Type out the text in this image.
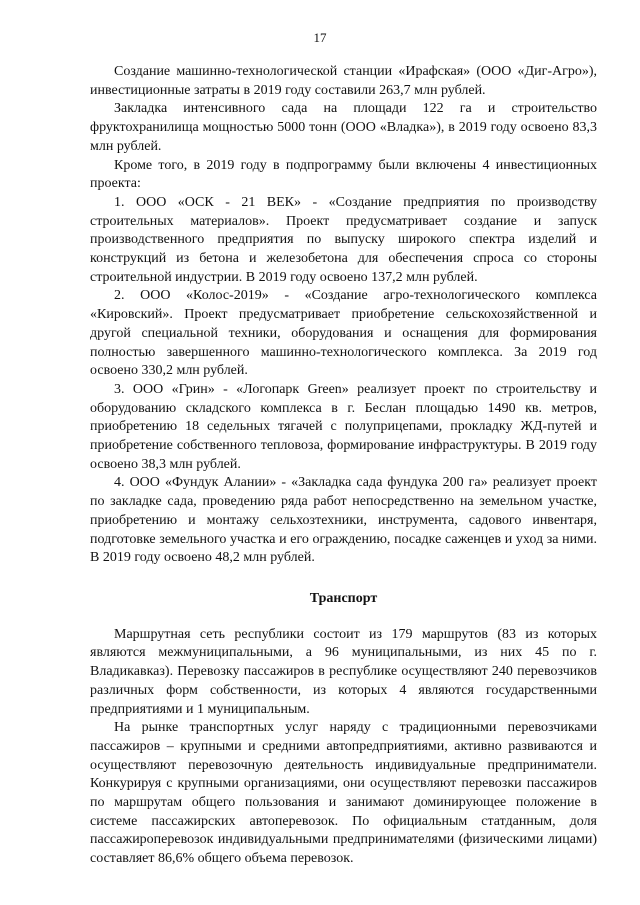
17

Создание машинно-технологической станции «Ирафская» (ООО «Диг-Агро»), инвестиционные затраты в 2019 году составили 263,7 млн рублей.

Закладка интенсивного сада на площади 122 га и строительство фруктохранилища мощностью 5000 тонн (ООО «Владка»), в 2019 году освоено 83,3 млн рублей.

Кроме того, в 2019 году в подпрограмму были включены 4 инвестиционных проекта:

1. ООО «ОСК - 21 ВЕК» - «Создание предприятия по производству строительных материалов». Проект предусматривает создание и запуск производственного предприятия по выпуску широкого спектра изделий и конструкций из бетона и железобетона для обеспечения спроса со стороны строительной индустрии. В 2019 году освоено 137,2 млн рублей.

2. ООО «Колос-2019» - «Создание агро-технологического комплекса «Кировский». Проект предусматривает приобретение сельскохозяйственной и другой специальной техники, оборудования и оснащения для формирования полностью завершенного машинно-технологического комплекса. За 2019 год освоено 330,2 млн рублей.

3. ООО «Грин» - «Логопарк Green» реализует проект по строительству и оборудованию складского комплекса в г. Беслан площадью 1490 кв. метров, приобретению 18 седельных тягачей с полуприцепами, прокладку ЖД-путей и приобретение собственного тепловоза, формирование инфраструктуры. В 2019 году освоено 38,3 млн рублей.

4. ООО «Фундук Алании» - «Закладка сада фундука 200 га» реализует проект по закладке сада, проведению ряда работ непосредственно на земельном участке, приобретению и монтажу сельхозтехники, инструмента, садового инвентаря, подготовке земельного участка и его ограждению, посадке саженцев и уход за ними. В 2019 году освоено 48,2 млн рублей.

Транспорт

Маршрутная сеть республики состоит из 179 маршрутов (83 из которых являются межмуниципальными, а 96 муниципальными, из них 45 по г. Владикавказ). Перевозку пассажиров в республике осуществляют 240 перевозчиков различных форм собственности, из которых 4 являются государственными предприятиями и 1 муниципальным.

На рынке транспортных услуг наряду с традиционными перевозчиками пассажиров – крупными и средними автопредприятиями, активно развиваются и осуществляют перевозочную деятельность индивидуальные предприниматели. Конкурируя с крупными организациями, они осуществляют перевозки пассажиров по маршрутам общего пользования и занимают доминирующее положение в системе пассажирских автоперевозок. По официальным статданным, доля пассажироперевозок индивидуальными предпринимателями (физическими лицами) составляет 86,6% общего объема перевозок.
